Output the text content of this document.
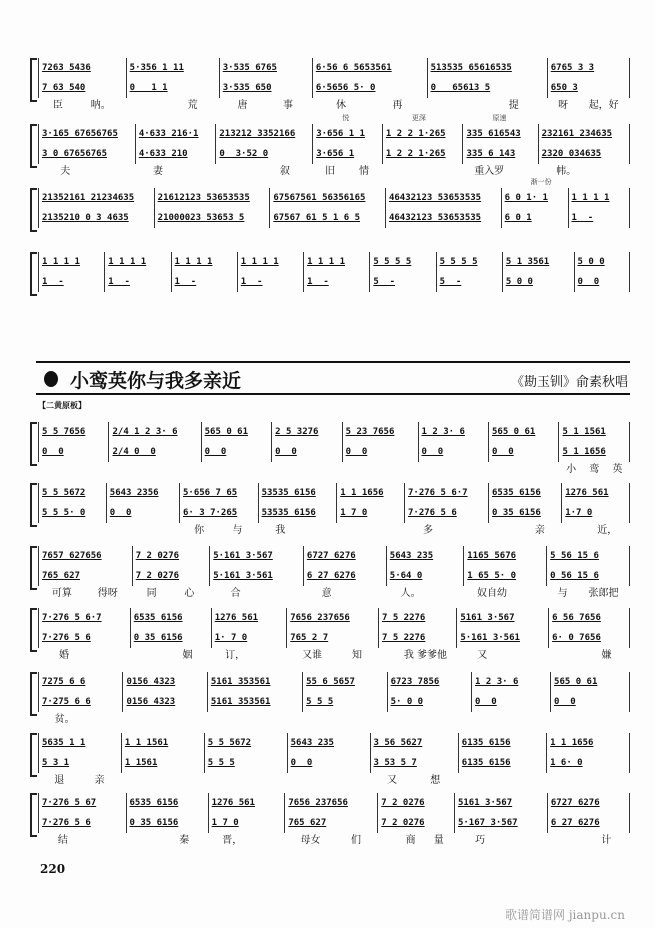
7263 5436
7 63 540
臣	呐。
5·356 1 11
0   1 1
荒
3·535 6765
3·535 650
唐	事
6·56 6 5653561
6·5656 5· 0
休	再
513535 65616535
0   65613 5
提
6765 3 3
650 3
呀 起，好
3·165 67656765
3 0 67656765
夫
4·633 216·1
4·633 210
妻
213212 3352166
0  3·52 0
叙
3·656 1 1
3·656 1
悦
旧 情
1 2 2 1·265
1 2 2 1·265
更深
335 616543
335 6 143
原速
重入罗
232161 234635
2320 034635
帏。
21352161 21234635
2135210 0 3 4635
21612123 53653535
21000023 53653 5
67567561 56356165
67567 61 5 1 6 5
46432123 53653535
46432123 53653535
6 0 1· 1
6 0 1
渐一份
1 1 1 1
1  -
1 1 1 1
1  -
1 1 1 1
1  -
1 1 1 1
1  -
1 1 1 1
1  -
1 1 1 1
1  -
5 5 5 5
5  -
5 5 5 5
5  -
5 1 3561
5 0 0
5 0 0
0  0
5 5 7656
0  0
2/4 1 2 3· 6
2/4 0  0
565 0 61
0  0
2 5 3276
0  0
5 23 7656
0  0
1 2 3· 6
0  0
565 0 61
0  0
5 1 1561
5 1 1656
小 鸾 英
5 5 5672
5 5 5· 0
5643 2356
0  0
5·656 7 65
6· 3 7·265
你	与
53535 6156
53535 6156
我
1 1 1656
1 7 0
7·276 5 6·7
7·276 5 6
多
6535 6156
0 35 6156
亲
1276 561
1·7 0
近，
7657 627656
765 627
可算	得呀
7 2 0276
7 2 0276
同	心
5·161 3·567
5·161 3·561
合
6727 6276
6 27 6276
意
5643 235
5·64 0
人。
1165 5676
1 65 5· 0
奴自幼
5 56 15 6
0 56 15 6
与 张郎把
7·276 5 6·7
7·276 5 6
婚
6535 6156
0 35 6156
姻
1276 561
1· 7 0
订，
7656 237656
765 2 7
又谁	知
7 5 2276
7 5 2276
我 爹爹他
5161 3·567
5·161 3·561
又
6 56 7656
6· 0 7656
嫌
7275 6 6
7·275 6 6
贫。
0156 4323
0156 4323
5161 353561
5161 353561
55 6 5657
5 5 5
6723 7856
5· 0 0
1 2 3· 6
0  0
565 0 61
0  0
5635 1 1
5 3 1
退	亲
1 1 1561
1 1561
5 5 5672
5 5 5
5643 235
0  0
3 56 5627
3 53 5 7
又	想
6135 6156
6135 6156
1 1 1656
1 6· 0
7·276 5 67
7·276 5 6
结
6535 6156
0 35 6156
秦
1276 561
1 7 0
晋，
7656 237656
765 627
母女	们
7 2 0276
7 2 0276
商 量
5161 3·567
5·167 3·567
巧
6727 6276
6 27 6276
计
小鸾英你与我多亲近	《勘玉钏》俞素秋唱
【二黄原板】
220
歌谱简谱网 jianpu.cn
